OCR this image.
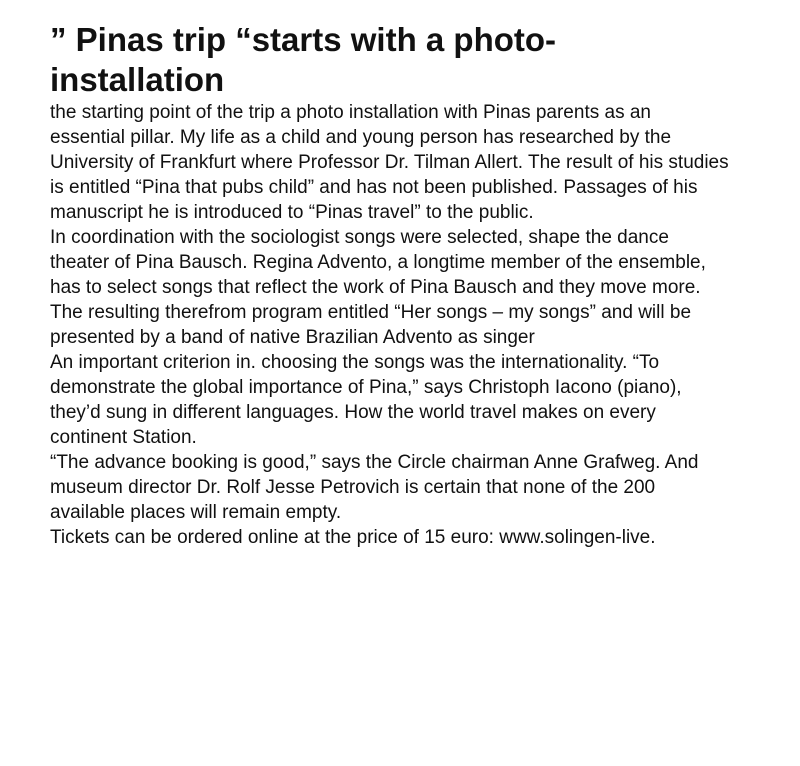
” Pinas trip “starts with a photo-installation

the starting point of the trip a photo installation with Pinas parents as an essential pillar. My life as a child and young person has researched by the University of Frankfurt where Professor Dr. Tilman Allert. The result of his studies is entitled “Pina that pubs child” and has not been published. Passages of his manuscript he is introduced to “Pinas travel” to the public.

In coordination with the sociologist songs were selected, shape the dance theater of Pina Bausch. Regina Advento, a longtime member of the ensemble, has to select songs that reflect the work of Pina Bausch and they move more. The resulting therefrom program entitled “Her songs – my songs” and will be presented by a band of native Brazilian Advento as singer

An important criterion in. choosing the songs was the internationality. “To demonstrate the global importance of Pina,” says Christoph Iacono (piano), they’d sung in different languages. How the world travel makes on every continent Station.

“The advance booking is good,” says the Circle chairman Anne Grafweg. And museum director Dr. Rolf Jesse Petrovich is certain that none of the 200 available places will remain empty.

Tickets can be ordered online at the price of 15 euro: www.solingen-live.
